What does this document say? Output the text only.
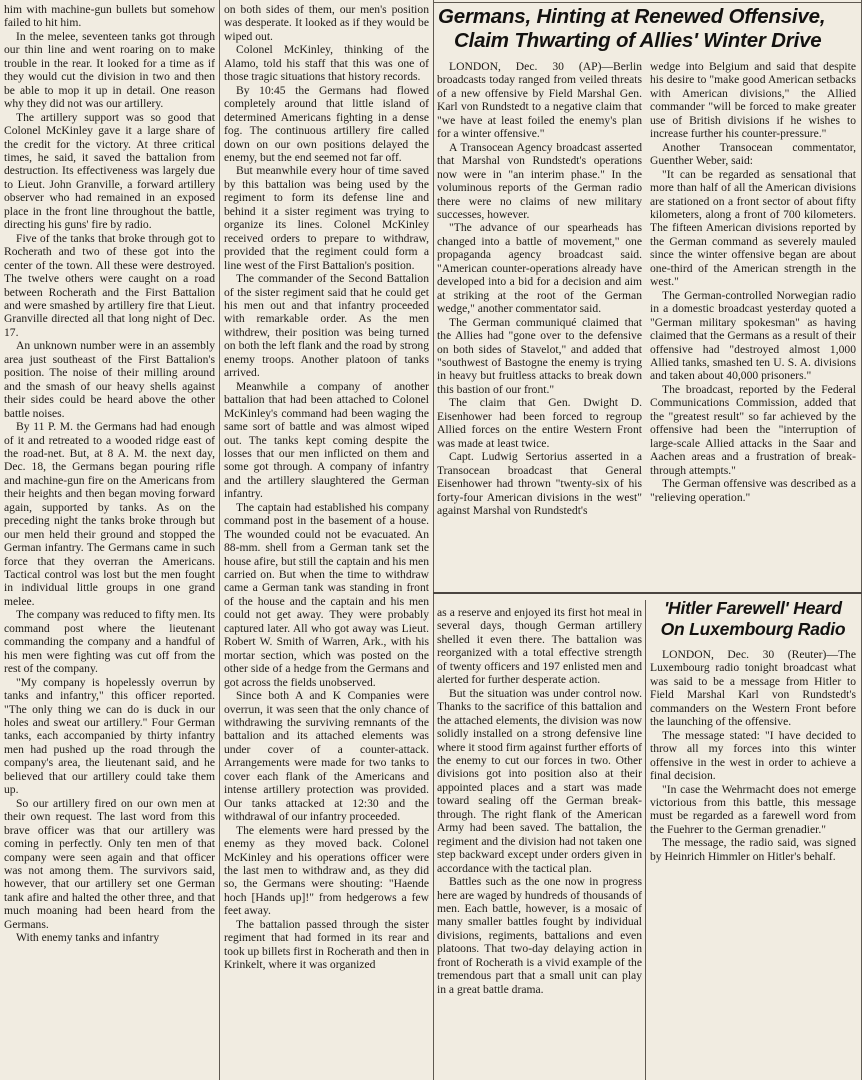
him with machine-gun bullets but somehow failed to hit him.

In the melee, seventeen tanks got through our thin line and went roaring on to make trouble in the rear. It looked for a time as if they would cut the division in two and then be able to mop it up in detail. One reason why they did not was our artillery.

The artillery support was so good that Colonel McKinley gave it a large share of the credit for the victory. At three critical times, he said, it saved the battalion from destruction. Its effectiveness was largely due to Lieut. John Granville, a forward artillery observer who had remained in an exposed place in the front line throughout the battle, directing his guns' fire by radio.

Five of the tanks that broke through got to Rocherath and two of these got into the center of the town. All these were destroyed. The twelve others were caught on a road between Rocherath and the First Battalion and were smashed by artillery fire that Lieut. Granville directed all that long night of Dec. 17.

An unknown number were in an assembly area just southeast of the First Battalion's position. The noise of their milling around and the smash of our heavy shells against their sides could be heard above the other battle noises.

By 11 P. M. the Germans had had enough of it and retreated to a wooded ridge east of the road-net. But, at 8 A. M. the next day, Dec. 18, the Germans began pouring rifle and machine-gun fire on the Americans from their heights and then began moving forward again, supported by tanks. As on the preceding night the tanks broke through but our men held their ground and stopped the German infantry. The Germans came in such force that they overran the Americans. Tactical control was lost but the men fought in individual little groups in one grand melee.

The company was reduced to fifty men. Its command post where the lieutenant commanding the company and a handful of his men were fighting was cut off from the rest of the company.

"My company is hopelessly overrun by tanks and infantry," this officer reported. "The only thing we can do is duck in our holes and sweat our artillery." Four German tanks, each accompanied by thirty infantry men had pushed up the road through the company's area, the lieutenant said, and he believed that our artillery could take them up.

So our artillery fired on our own men at their own request. The last word from this brave officer was that our artillery was coming in perfectly. Only ten men of that company were seen again and that officer was not among them. The survivors said, however, that our artillery set one German tank afire and halted the other three, and that much moaning had been heard from the Germans.

With enemy tanks and infantry

on both sides of them, our men's position was desperate. It looked as if they would be wiped out.

Colonel McKinley, thinking of the Alamo, told his staff that this was one of those tragic situations that history records.

By 10:45 the Germans had flowed completely around that little island of determined Americans fighting in a dense fog. The continuous artillery fire called down on our own positions delayed the enemy, but the end seemed not far off.

But meanwhile every hour of time saved by this battalion was being used by the regiment to form its defense line and behind it a sister regiment was trying to organize its lines. Colonel McKinley received orders to prepare to withdraw, provided that the regiment could form a line west of the First Battalion's position.

The commander of the Second Battalion of the sister regiment said that he could get his men out and that infantry proceeded with remarkable order. As the men withdrew, their position was being turned on both the left flank and the road by strong enemy troops. Another platoon of tanks arrived.

Meanwhile a company of another battalion that had been attached to Colonel McKinley's command had been waging the same sort of battle and was almost wiped out. The tanks kept coming despite the losses that our men inflicted on them and some got through. A company of infantry and the artillery slaughtered the German infantry.

The captain had established his company command post in the basement of a house. The wounded could not be evacuated. An 88-mm. shell from a German tank set the house afire, but still the captain and his men carried on. But when the time to withdraw came a German tank was standing in front of the house and the captain and his men could not get away. They were probably captured later. All who got away was Lieut. Robert W. Smith of Warren, Ark., with his mortar section, which was posted on the other side of a hedge from the Germans and got across the fields unobserved.

Since both A and K Companies were overrun, it was seen that the only chance of withdrawing the surviving remnants of the battalion and its attached elements was under cover of a counter-attack. Arrangements were made for two tanks to cover each flank of the Americans and intense artillery protection was provided. Our tanks attacked at 12:30 and the withdrawal of our infantry proceeded.

The elements were hard pressed by the enemy as they moved back. Colonel McKinley and his operations officer were the last men to withdraw and, as they did so, the Germans were shouting: "Haende hoch [Hands up]!" from hedgerows a few feet away.

The battalion passed through the sister regiment that had formed in its rear and took up billets first in Rocherath and then in Krinkelt, where it was organized

Germans, Hinting at Renewed Offensive,
Claim Thwarting of Allies' Winter Drive

LONDON, Dec. 30 (AP)—Berlin broadcasts today ranged from veiled threats of a new offensive by Field Marshal Gen. Karl von Rundstedt to a negative claim that "we have at least foiled the enemy's plan for a winter offensive."

A Transocean Agency broadcast asserted that Marshal von Rundstedt's operations now were in "an interim phase." In the voluminous reports of the German radio there were no claims of new military successes, however.

"The advance of our spearheads has changed into a battle of movement," one propaganda agency broadcast said. "American counter-operations already have developed into a bid for a decision and aim at striking at the root of the German wedge," another commentator said.

The German communiqué claimed that the Allies had "gone over to the defensive on both sides of Stavelot," and added that "southwest of Bastogne the enemy is trying in heavy but fruitless attacks to break down this bastion of our front."

The claim that Gen. Dwight D. Eisenhower had been forced to regroup Allied forces on the entire Western Front was made at least twice.

Capt. Ludwig Sertorius asserted in a Transocean broadcast that General Eisenhower had thrown "twenty-six of his forty-four American divisions in the west" against Marshal von Rundstedt's

wedge into Belgium and said that despite his desire to "make good American setbacks with American divisions," the Allied commander "will be forced to make greater use of British divisions if he wishes to increase further his counter-pressure."

Another Transocean commentator, Guenther Weber, said:

"It can be regarded as sensational that more than half of all the American divisions are stationed on a front sector of about fifty kilometers, along a front of 700 kilometers. The fifteen American divisions reported by the German command as severely mauled since the winter offensive began are about one-third of the American strength in the west."

The German-controlled Norwegian radio in a domestic broadcast yesterday quoted a "German military spokesman" as having claimed that the Germans as a result of their offensive had "destroyed almost 1,000 Allied tanks, smashed ten U. S. A. divisions and taken about 40,000 prisoners."

The broadcast, reported by the Federal Communications Commission, added that the "greatest result" so far achieved by the offensive had been the "interruption of large-scale Allied attacks in the Saar and Aachen areas and a frustration of break-through attempts."

The German offensive was described as a "relieving operation."

as a reserve and enjoyed its first hot meal in several days, though German artillery shelled it even there. The battalion was reorganized with a total effective strength of twenty officers and 197 enlisted men and alerted for further desperate action.

But the situation was under control now. Thanks to the sacrifice of this battalion and the attached elements, the division was now solidly installed on a strong defensive line where it stood firm against further efforts of the enemy to cut our forces in two. Other divisions got into position also at their appointed places and a start was made toward sealing off the German break-through. The right flank of the American Army had been saved. The battalion, the regiment and the division had not taken one step backward except under orders given in accordance with the tactical plan.

Battles such as the one now in progress here are waged by hundreds of thousands of men. Each battle, however, is a mosaic of many smaller battles fought by individual divisions, regiments, battalions and even platoons. That two-day delaying action in front of Rocherath is a vivid example of the tremendous part that a small unit can play in a great battle drama.

'Hitler Farewell' Heard
On Luxembourg Radio

LONDON, Dec. 30 (Reuter)—The Luxembourg radio tonight broadcast what was said to be a message from Hitler to Field Marshal Karl von Rundstedt's commanders on the Western Front before the launching of the offensive.

The message stated: "I have decided to throw all my forces into this winter offensive in the west in order to achieve a final decision.

"In case the Wehrmacht does not emerge victorious from this battle, this message must be regarded as a farewell word from the Fuehrer to the German grenadier."

The message, the radio said, was signed by Heinrich Himmler on Hitler's behalf.
